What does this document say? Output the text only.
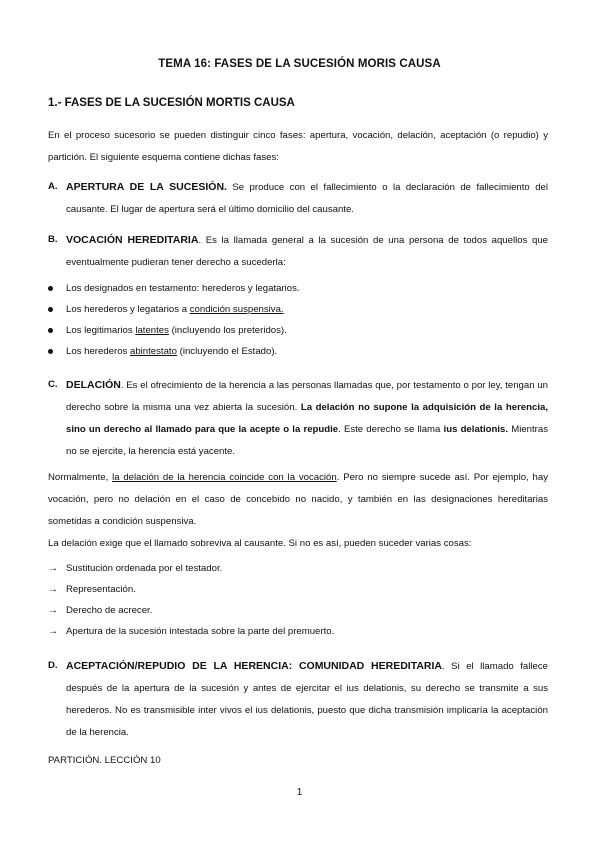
TEMA 16: FASES DE LA SUCESIÓN MORIS CAUSA
1.- FASES DE LA SUCESIÓN MORTIS CAUSA

En el proceso sucesorio se pueden distinguir cinco fases: apertura, vocación, delación, aceptación (o repudio) y partición. El siguiente esquema contiene dichas fases:

A. APERTURA DE LA SUCESIÓN. Se produce con el fallecimiento o la declaración de fallecimiento del causante. El lugar de apertura será el último domicilio del causante.

B. VOCACIÓN HEREDITARIA. Es la llamada general a la sucesión de una persona de todos aquellos que eventualmente pudieran tener derecho a sucederla:

Los designados en testamento: herederos y legatarios.
Los herederos y legatarios a condición suspensiva.
Los legitimarios latentes (incluyendo los preteridos).
Los herederos abintestato (incluyendo el Estado).
C. DELACIÓN. Es el ofrecimiento de la herencia a las personas llamadas que, por testamento o por ley, tengan un derecho sobre la misma una vez abierta la sucesión. La delación no supone la adquisición de la herencia, sino un derecho al llamado para que la acepte o la repudie. Este derecho se llama ius delationis. Mientras no se ejercite, la herencia está yacente.

Normalmente, la delación de la herencia coincide con la vocación. Pero no siempre sucede así. Por ejemplo, hay vocación, pero no delación en el caso de concebido no nacido, y también en las designaciones hereditarias sometidas a condición suspensiva.

La delación exige que el llamado sobreviva al causante. Si no es así, pueden suceder varias cosas:

→ Sustitución ordenada por el testador.
→ Representación.
→ Derecho de acrecer.
→ Apertura de la sucesión intestada sobre la parte del premuerto.
D. ACEPTACIÓN/REPUDIO DE LA HERENCIA: COMUNIDAD HEREDITARIA. Si el llamado fallece después de la apertura de la sucesión y antes de ejercitar el ius delationis, su derecho se transmite a sus herederos. No es transmisible inter vivos el ius delationis, puesto que dicha transmisión implicaría la aceptación de la herencia.

PARTICIÓN. LECCIÓN 10

1
